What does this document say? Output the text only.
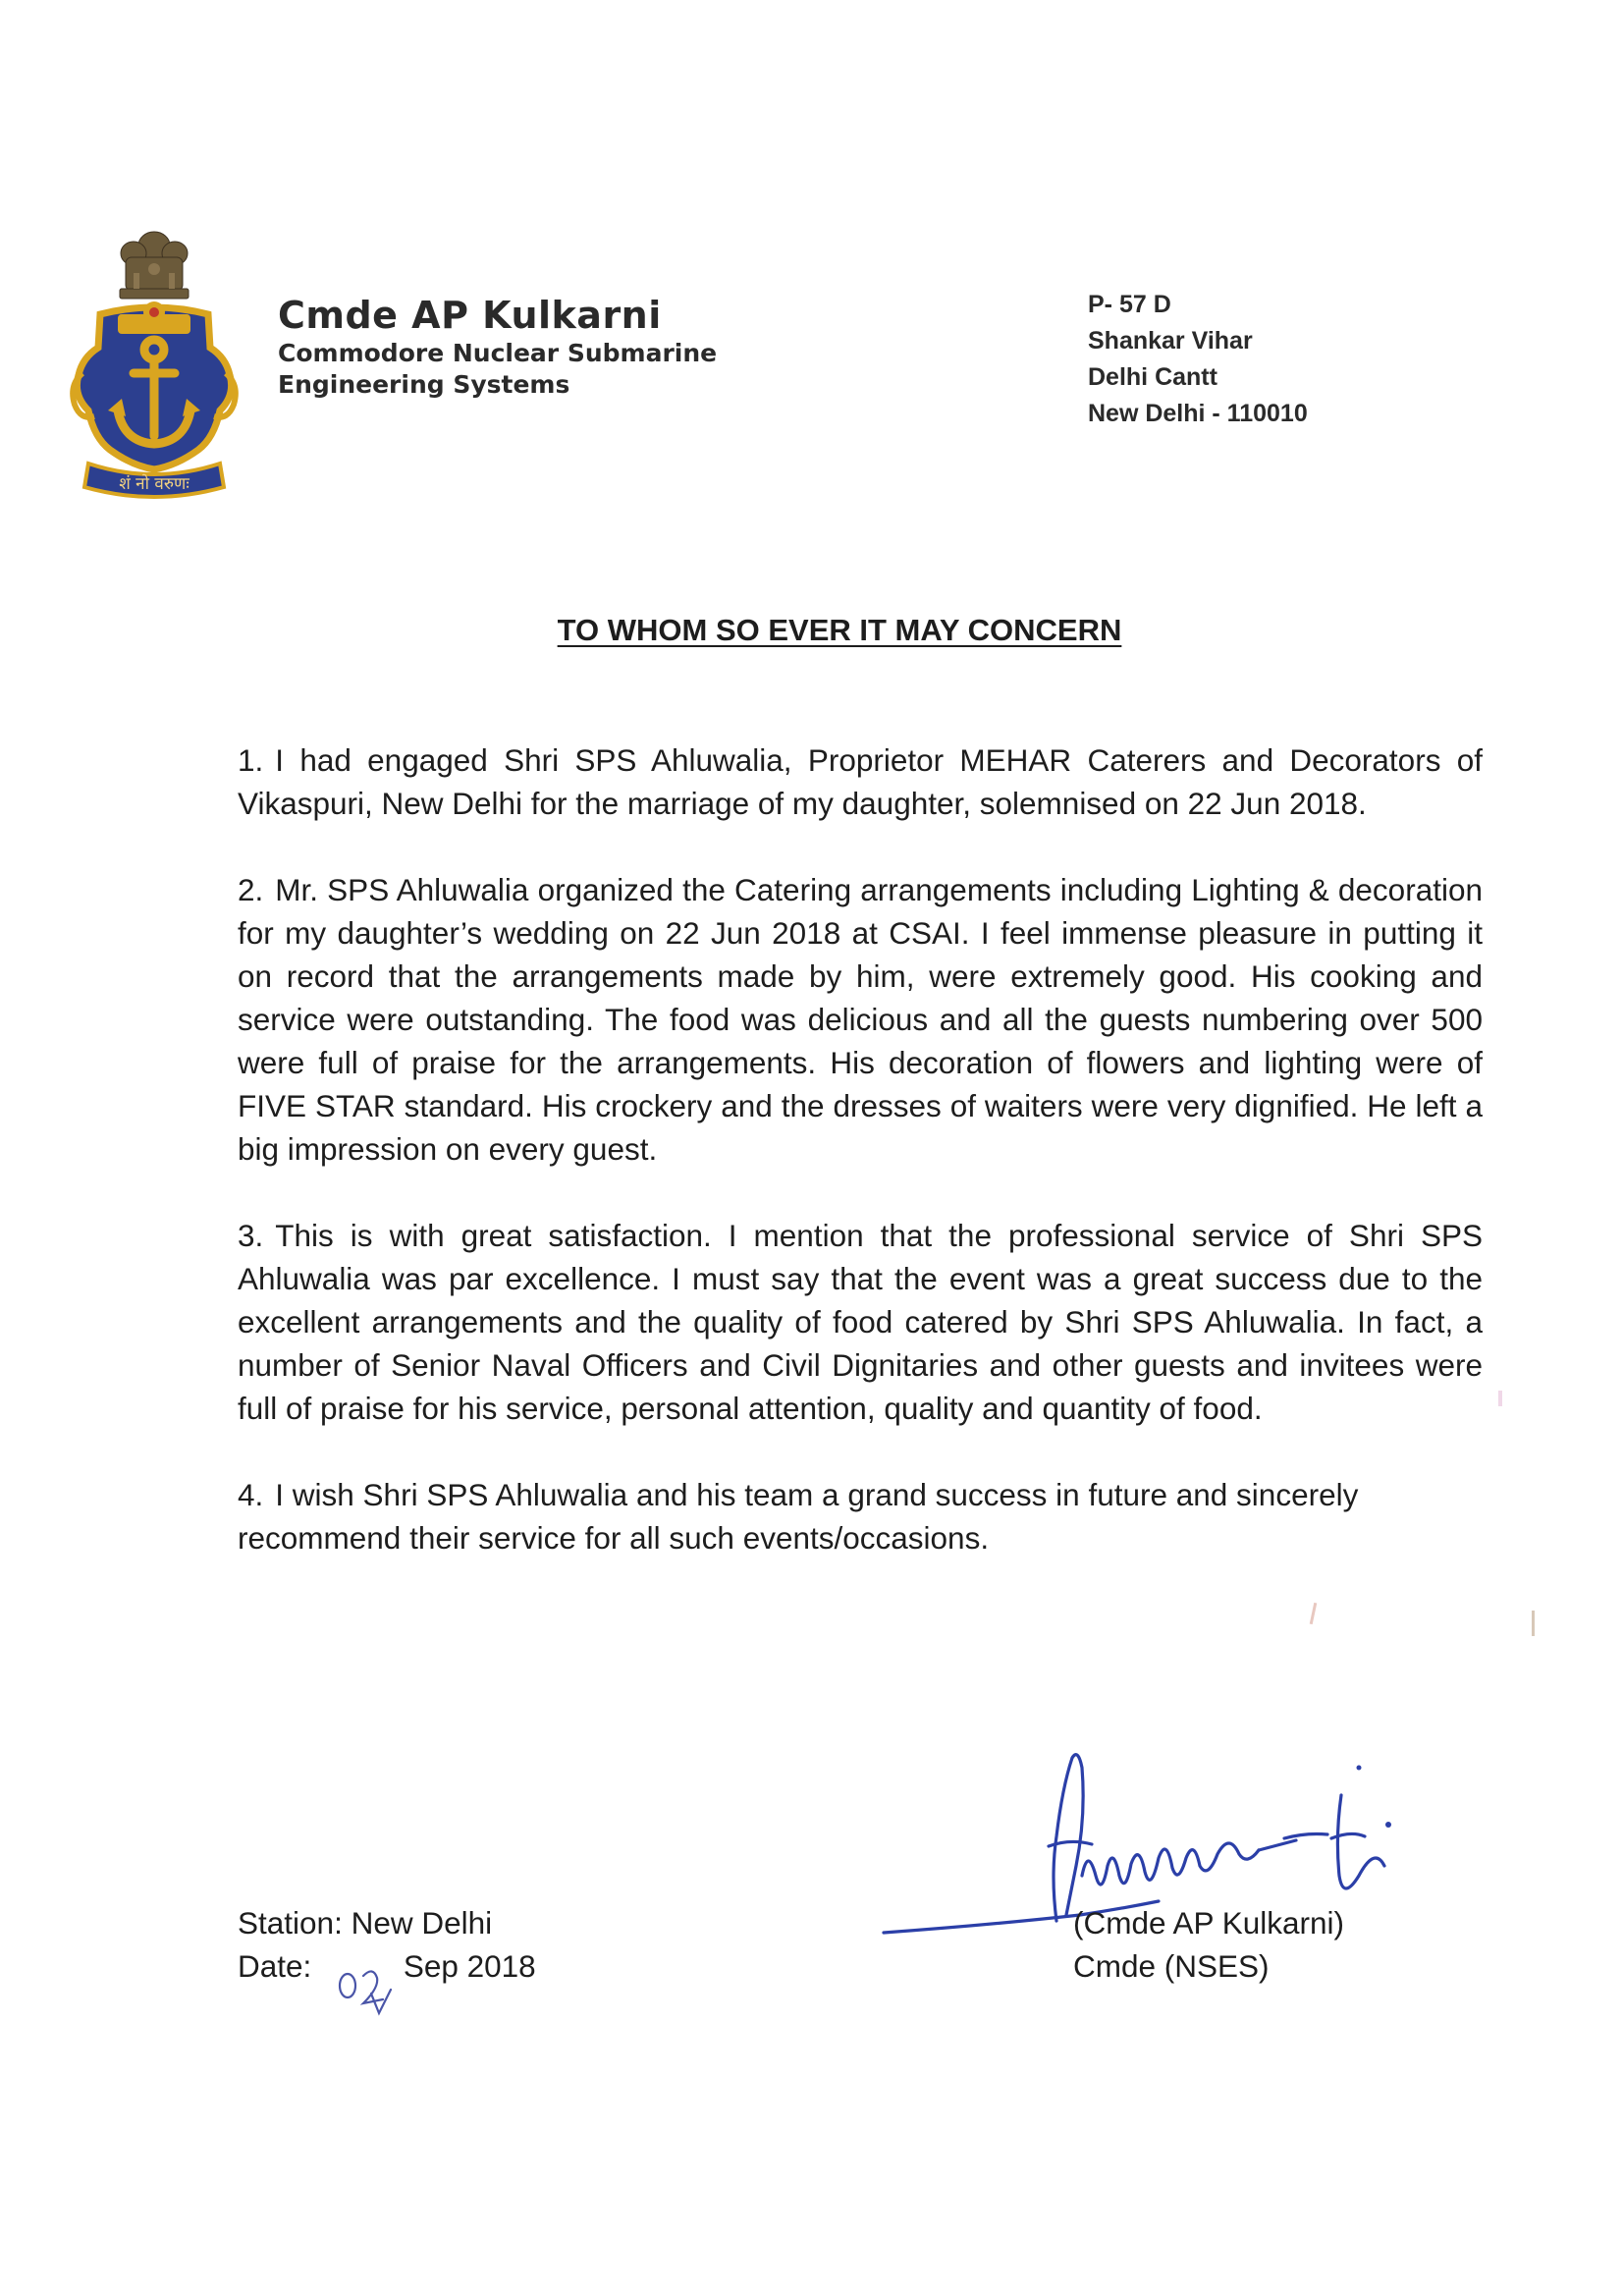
शं नो वरुणः

Cmde AP Kulkarni

Commodore Nuclear Submarine

Engineering Systems

P- 57 D
Shankar Vihar
Delhi Cantt
New Delhi - 110010
TO WHOM SO EVER IT MAY CONCERN

1. I had engaged Shri SPS Ahluwalia, Proprietor MEHAR Caterers and Decorators of Vikaspuri, New Delhi for the marriage of my daughter, solemnised on 22 Jun 2018.

2. Mr. SPS Ahluwalia organized the Catering arrangements including Lighting & decoration for my daughter’s wedding on 22 Jun 2018 at CSAI. I feel immense pleasure in putting it on record that the arrangements made by him, were extremely good. His cooking and service were outstanding. The food was delicious and all the guests numbering over 500 were full of praise for the arrangements. His decoration of flowers and lighting were of FIVE STAR standard. His crockery and the dresses of waiters were very dignified. He left a big impression on every guest.

3. This is with great satisfaction. I mention that the professional service of Shri SPS Ahluwalia was par excellence. I must say that the event was a great success due to the excellent arrangements and the quality of food catered by Shri SPS Ahluwalia. In fact, a number of Senior Naval Officers and Civil Dignitaries and other guests and invitees were full of praise for his service, personal attention, quality and quantity of food.

4. I wish Shri SPS Ahluwalia and his team a grand success in future and sincerely recommend their service for all such events/occasions.

Station: New Delhi
Date:	Sep 2018
(Cmde AP Kulkarni)
Cmde (NSES)
